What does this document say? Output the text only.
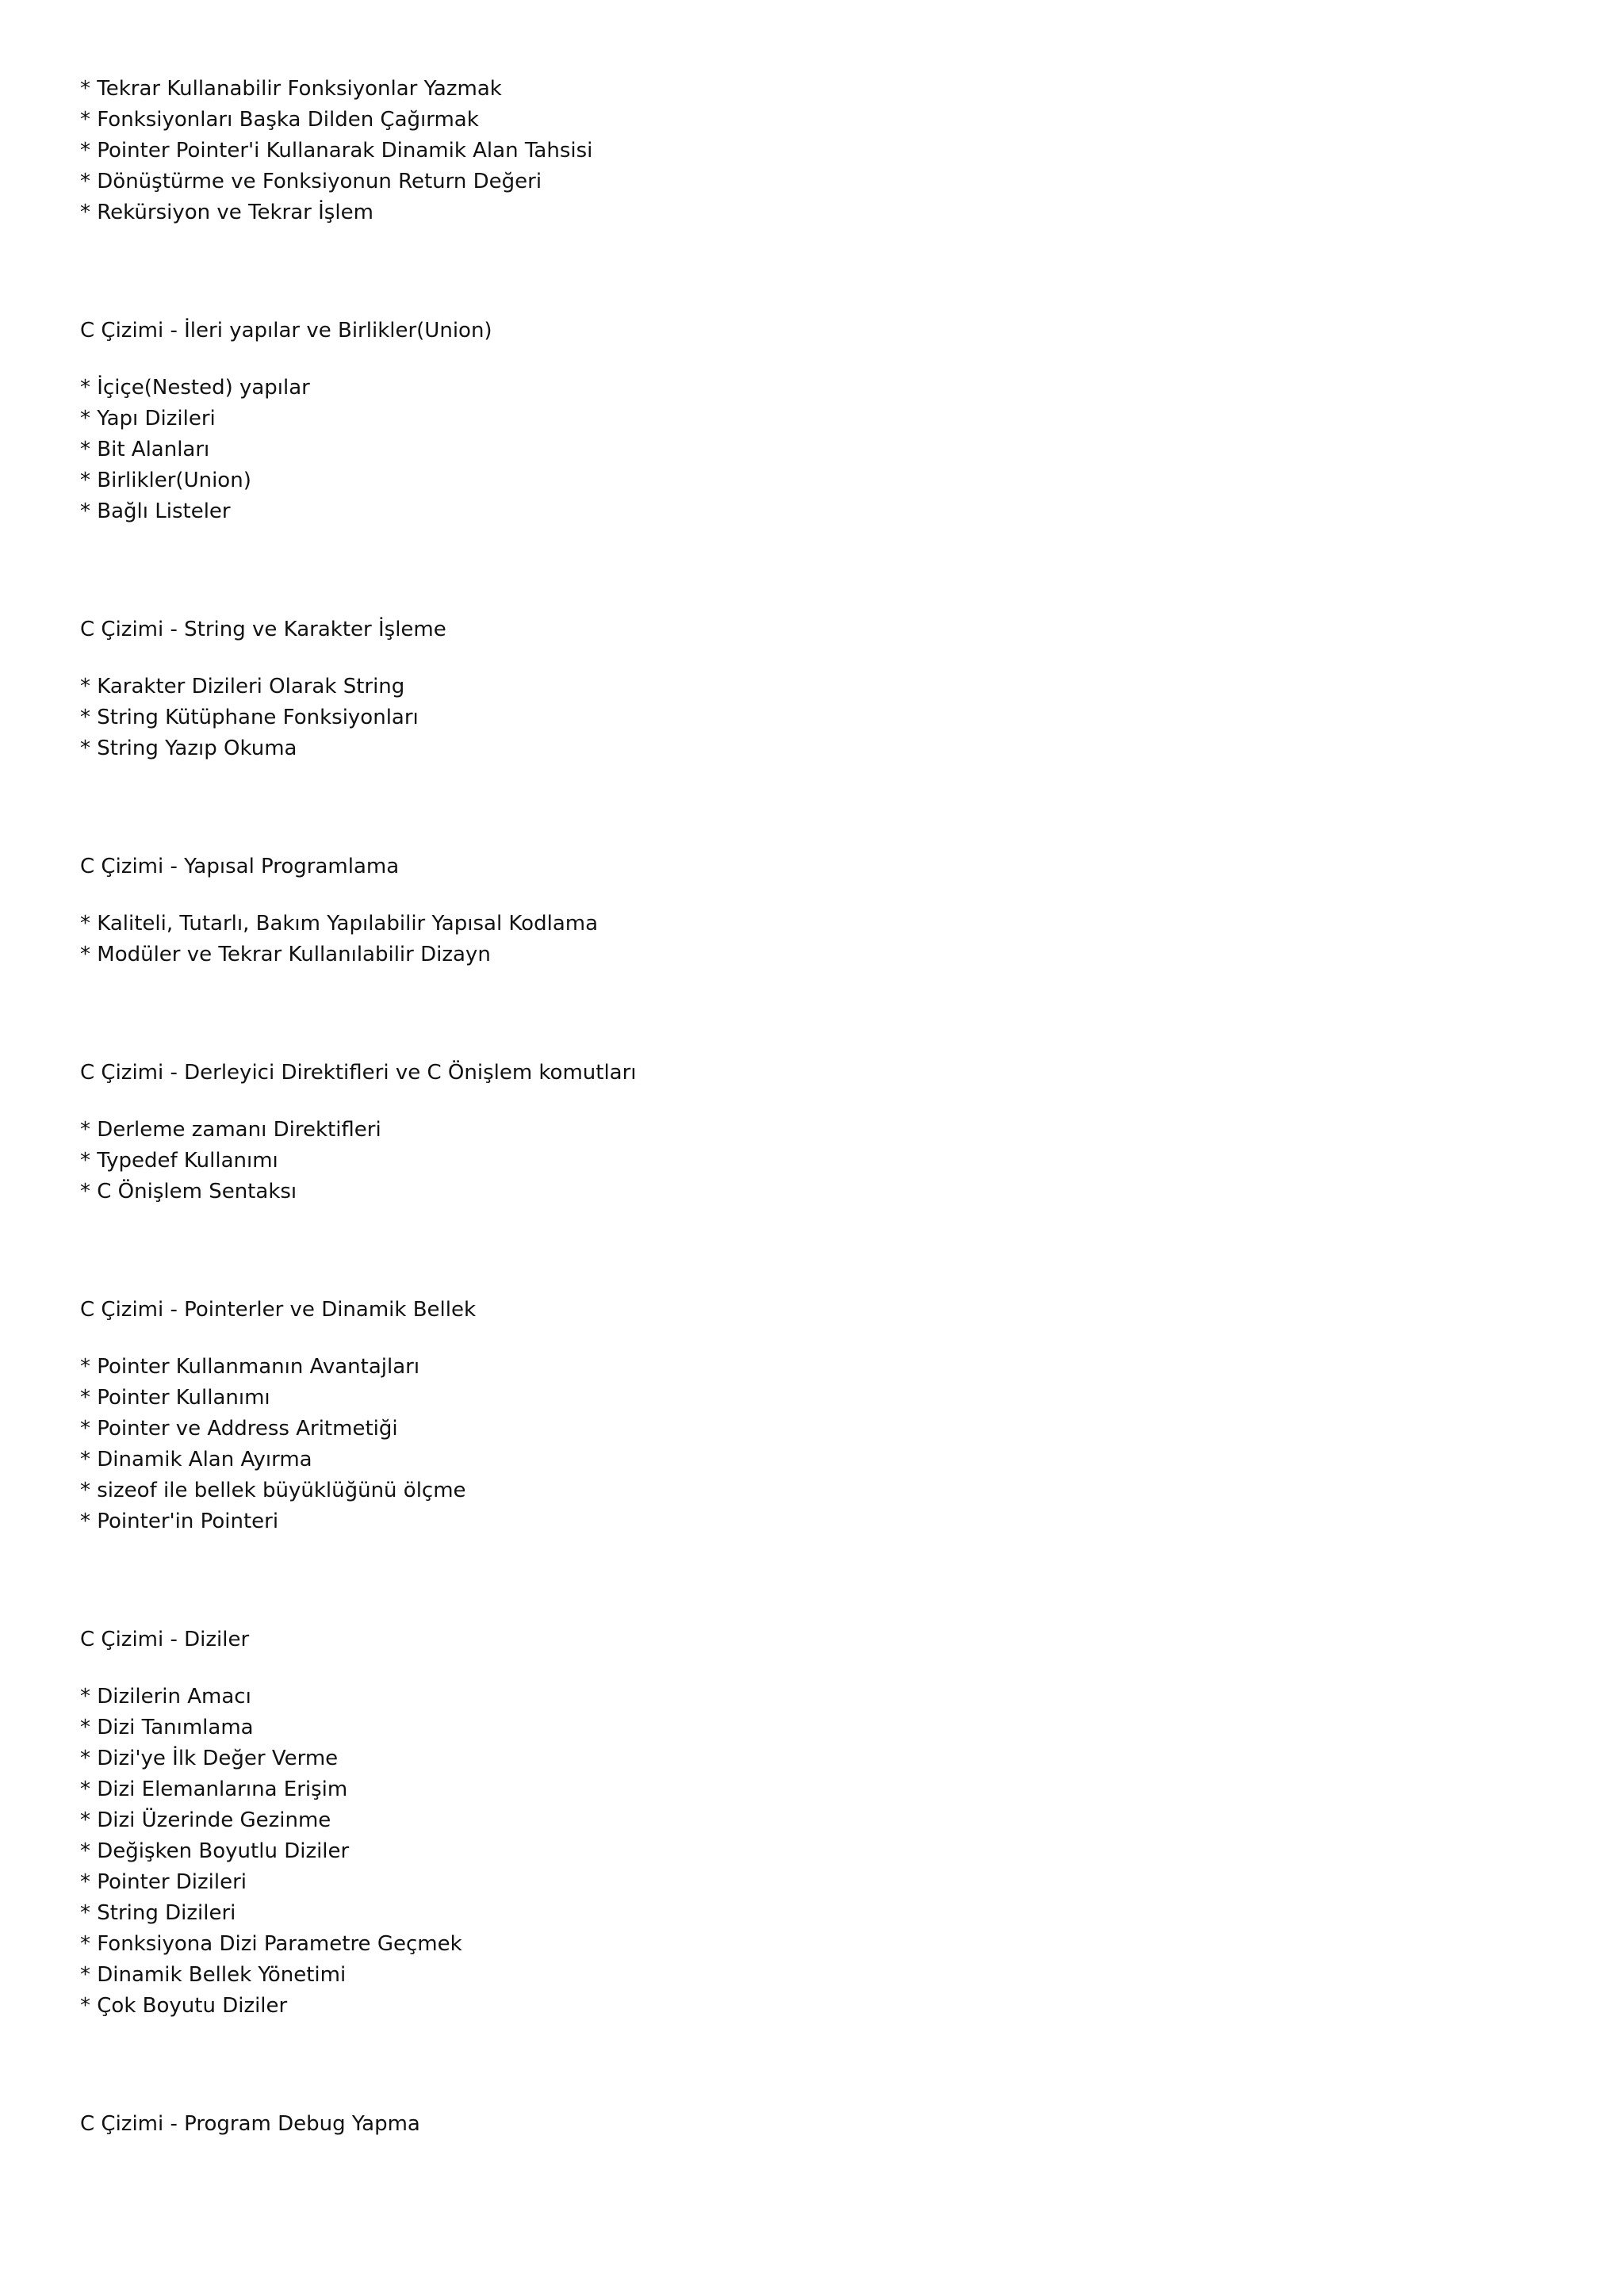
* Tekrar Kullanabilir Fonksiyonlar Yazmak
* Fonksiyonları Başka Dilden Çağırmak
* Pointer Pointer'i Kullanarak Dinamik Alan Tahsisi
* Dönüştürme ve Fonksiyonun Return Değeri
* Rekürsiyon ve Tekrar İşlem
C Çizimi - İleri yapılar ve Birlikler(Union)
* İçiçe(Nested) yapılar
* Yapı Dizileri
* Bit Alanları
* Birlikler(Union)
* Bağlı Listeler
C Çizimi - String ve Karakter İşleme
* Karakter Dizileri Olarak String
* String Kütüphane Fonksiyonları
* String Yazıp Okuma
C Çizimi - Yapısal Programlama
* Kaliteli, Tutarlı, Bakım Yapılabilir Yapısal Kodlama
* Modüler ve Tekrar Kullanılabilir Dizayn
C Çizimi - Derleyici Direktifleri ve C Önişlem komutları
* Derleme zamanı Direktifleri
* Typedef Kullanımı
* C Önişlem Sentaksı
C Çizimi - Pointerler ve Dinamik Bellek
* Pointer Kullanmanın Avantajları
* Pointer Kullanımı
* Pointer ve Address Aritmetiği
* Dinamik Alan Ayırma
* sizeof ile bellek büyüklüğünü ölçme
* Pointer'in Pointeri
C Çizimi - Diziler
* Dizilerin Amacı
* Dizi Tanımlama
* Dizi'ye İlk Değer Verme
* Dizi Elemanlarına Erişim
* Dizi Üzerinde Gezinme
* Değişken Boyutlu Diziler
* Pointer Dizileri
* String Dizileri
* Fonksiyona Dizi Parametre Geçmek
* Dinamik Bellek Yönetimi
* Çok Boyutu Diziler
C Çizimi - Program Debug Yapma
